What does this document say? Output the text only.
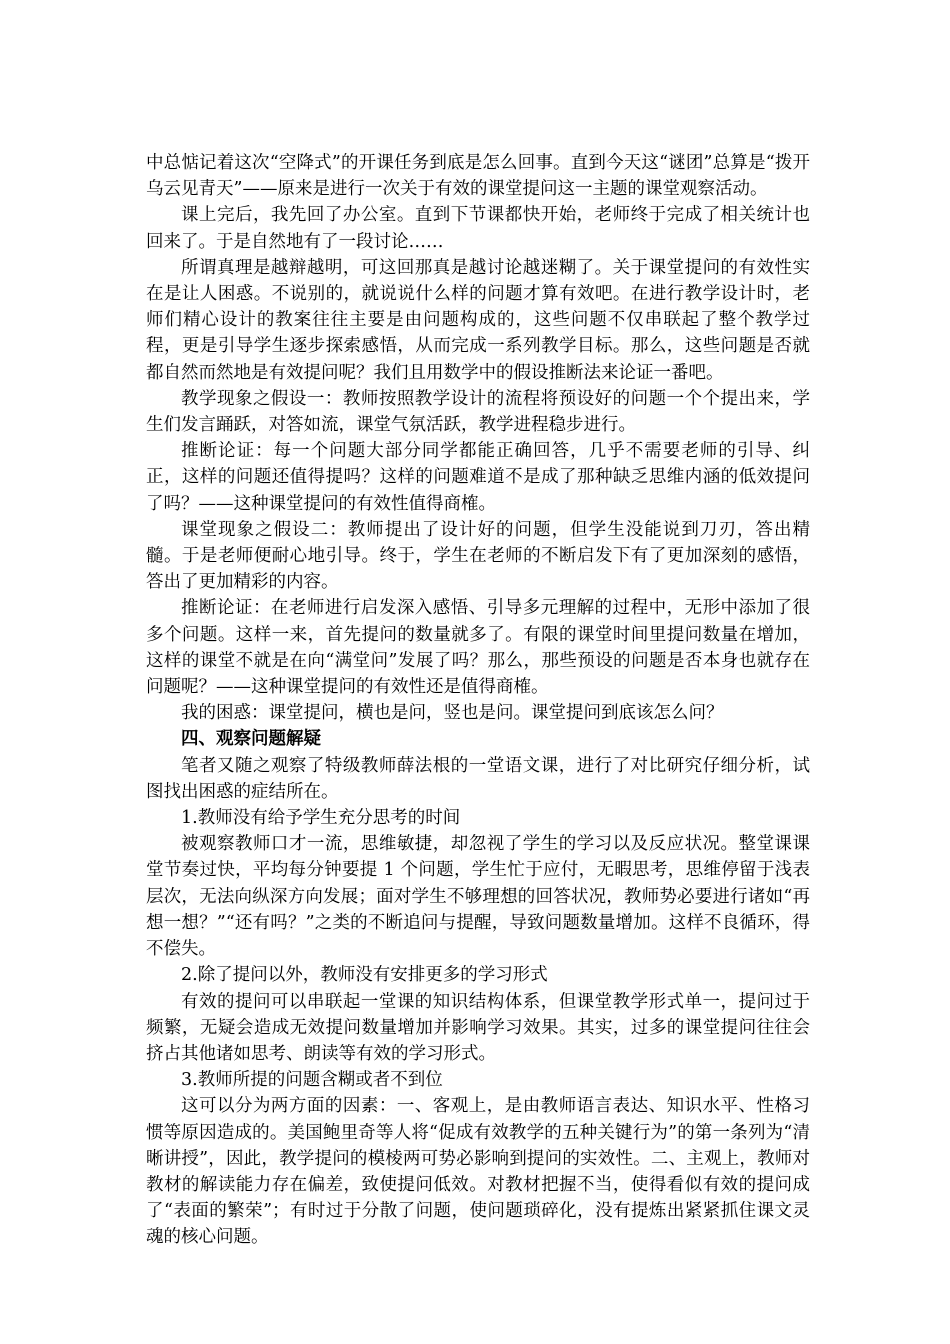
中总惦记着这次“空降式”的开课任务到底是怎么回事。直到今天这“谜团”总算是“拨开乌云见青天”——原来是进行一次关于有效的课堂提问这一主题的课堂观察活动。

课上完后，我先回了办公室。直到下节课都快开始，老师终于完成了相关统计也回来了。于是自然地有了一段讨论……

所谓真理是越辩越明，可这回那真是越讨论越迷糊了。关于课堂提问的有效性实在是让人困惑。不说别的，就说说什么样的问题才算有效吧。在进行教学设计时，老师们精心设计的教案往往主要是由问题构成的，这些问题不仅串联起了整个教学过程，更是引导学生逐步探索感悟，从而完成一系列教学目标。那么，这些问题是否就都自然而然地是有效提问呢？我们且用数学中的假设推断法来论证一番吧。

教学现象之假设一：教师按照教学设计的流程将预设好的问题一个个提出来，学生们发言踊跃，对答如流，课堂气氛活跃，教学进程稳步进行。

推断论证：每一个问题大部分同学都能正确回答，几乎不需要老师的引导、纠正，这样的问题还值得提吗？这样的问题难道不是成了那种缺乏思维内涵的低效提问了吗？——这种课堂提问的有效性值得商榷。

课堂现象之假设二：教师提出了设计好的问题，但学生没能说到刀刃，答出精髓。于是老师便耐心地引导。终于，学生在老师的不断启发下有了更加深刻的感悟，答出了更加精彩的内容。

推断论证：在老师进行启发深入感悟、引导多元理解的过程中，无形中添加了很多个问题。这样一来，首先提问的数量就多了。有限的课堂时间里提问数量在增加，这样的课堂不就是在向“满堂问”发展了吗？那么，那些预设的问题是否本身也就存在问题呢？——这种课堂提问的有效性还是值得商榷。

我的困惑：课堂提问，横也是问，竖也是问。课堂提问到底该怎么问？

四、观察问题解疑

笔者又随之观察了特级教师薛法根的一堂语文课，进行了对比研究仔细分析，试图找出困惑的症结所在。

1.教师没有给予学生充分思考的时间

被观察教师口才一流，思维敏捷，却忽视了学生的学习以及反应状况。整堂课课堂节奏过快，平均每分钟要提 1 个问题，学生忙于应付，无暇思考，思维停留于浅表层次，无法向纵深方向发展；面对学生不够理想的回答状况，教师势必要进行诸如“再想一想？”“还有吗？”之类的不断追问与提醒，导致问题数量增加。这样不良循环，得不偿失。

2.除了提问以外，教师没有安排更多的学习形式

有效的提问可以串联起一堂课的知识结构体系，但课堂教学形式单一，提问过于频繁，无疑会造成无效提问数量增加并影响学习效果。其实，过多的课堂提问往往会挤占其他诸如思考、朗读等有效的学习形式。

3.教师所提的问题含糊或者不到位

这可以分为两方面的因素：一、客观上，是由教师语言表达、知识水平、性格习惯等原因造成的。美国鲍里奇等人将“促成有效教学的五种关键行为”的第一条列为“清晰讲授”，因此，教学提问的模棱两可势必影响到提问的实效性。二、主观上，教师对教材的解读能力存在偏差，致使提问低效。对教材把握不当，使得看似有效的提问成了“表面的繁荣”；有时过于分散了问题，使问题琐碎化，没有提炼出紧紧抓住课文灵魂的核心问题。
